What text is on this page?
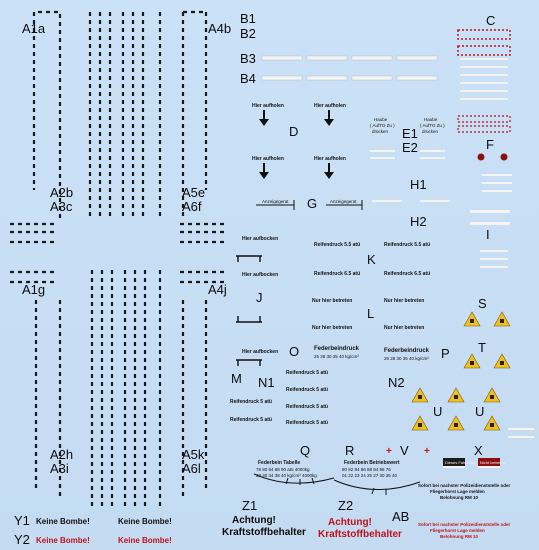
A1a	A4b
A2b
A3c
A5e
A6f
A1g	A4j
A2h
A3i
A5k
A6l
B1
B2
B3
B4
C
D	E1
E2	F
G
H1
H2
I
K
J
L
O	P
S
T
M N1	N2
U	U
Q	R	+ V +	X
Z1	Z2
AB
Y1
Y2
Hier aufholen	Hier aufholen
Hier aufholen	Hier aufholen
Haube
( AufTO Zu )
drücken
Haube
( AufTO Zu )
drücken
Anzeigegerat	Anzeigegerat
Hier aufbocken
Hier aufbocken
Hier aufbocken
Reifendruck 5.5 atü	Reifendruck 5.5 atü
Reifendruck 6.5 atü	Reifendruck 6.5 atü
Nur hier betreten	Nur hier betreten
Nur hier betreten	Nur hier betreten
Federbeindruck
25 28 30 35 40 kg/cm²
Federbeindruck
25 28 30 35 40 kg/cm²
Reifendruck 5 atü
Reifendruck 5 atü
Reifendruck 5 atü
Reifendruck 5 atü
Reifendruck 5 atü	Reifendruck 5 atü
Federbein Tabelle
78 80 84 88 90 atü 4000kg
28 30 34 38 40 kg/cm² 4000kg
Federbein Betriebswert
80 82 84 86 88 94 95 76
01 22 23 24 25 27 30 35 40
Keine Bombe!	Keine Bombe!
Keine Bombe!	Keine Bombe!
Achtung!
Kraftstoffbehalter
Achtung!
Kraftstoffbehalter
Sofort bei nachster Polizeidienststelle oder
Fliegerhorst Lage melden
Belohnung RM 10
Sofort bei nachster Polizeidienststelle oder
Fliegerhorst Lage melden
Belohnung RM 10
Dieses Fahrzeug Nicht betreten
